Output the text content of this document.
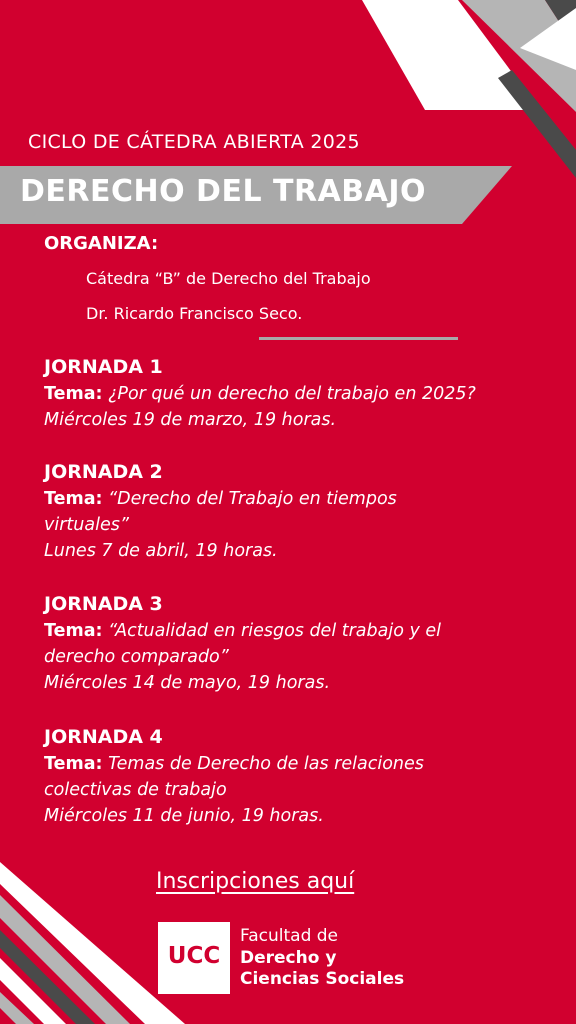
CICLO DE CÁTEDRA ABIERTA 2025
DERECHO DEL TRABAJO
ORGANIZA:
Cátedra “B” de Derecho del Trabajo
Dr. Ricardo Francisco Seco.
JORNADA 1
Tema: ¿Por qué un derecho del trabajo en 2025?
Miércoles 19 de marzo, 19 horas.
JORNADA 2
Tema: “Derecho del Trabajo en tiempos
virtuales”
Lunes 7 de abril, 19 horas.
JORNADA 3
Tema: “Actualidad en riesgos del trabajo y el
derecho comparado”
Miércoles 14 de mayo, 19 horas.
JORNADA 4
Tema: Temas de Derecho de las relaciones
colectivas de trabajo
Miércoles 11 de junio, 19 horas.
Inscripciones aquí
UCC
Facultad de
Derecho y
Ciencias Sociales
